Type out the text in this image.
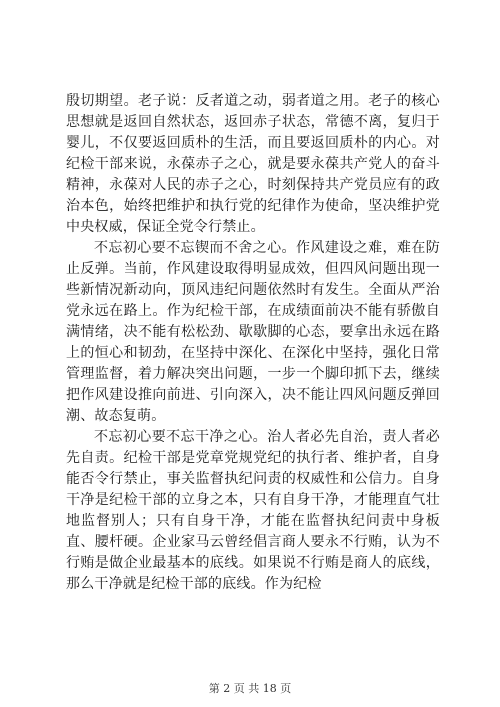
殷切期望。老子说：反者道之动，弱者道之用。老子的核心思想就是返回自然状态，返回赤子状态，常德不离，复归于婴儿，不仅要返回质朴的生活，而且要返回质朴的内心。对纪检干部来说，永葆赤子之心，就是要永葆共产党人的奋斗精神，永葆对人民的赤子之心，时刻保持共产党员应有的政治本色，始终把维护和执行党的纪律作为使命，坚决维护党中央权威，保证全党令行禁止。

不忘初心要不忘锲而不舍之心。作风建设之难，难在防止反弹。当前，作风建设取得明显成效，但四风问题出现一些新情况新动向，顶风违纪问题依然时有发生。全面从严治党永远在路上。作为纪检干部，在成绩面前决不能有骄傲自满情绪，决不能有松松劲、歇歇脚的心态，要拿出永远在路上的恒心和韧劲，在坚持中深化、在深化中坚持，强化日常管理监督，着力解决突出问题，一步一个脚印抓下去，继续把作风建设推向前进、引向深入，决不能让四风问题反弹回潮、故态复萌。

不忘初心要不忘干净之心。治人者必先自治，责人者必先自责。纪检干部是党章党规党纪的执行者、维护者，自身能否令行禁止，事关监督执纪问责的权威性和公信力。自身干净是纪检干部的立身之本，只有自身干净，才能理直气壮地监督别人；只有自身干净，才能在监督执纪问责中身板直、腰杆硬。企业家马云曾经倡言商人要永不行贿，认为不行贿是做企业最基本的底线。如果说不行贿是商人的底线，那么干净就是纪检干部的底线。作为纪检

第 2 页 共 18 页
